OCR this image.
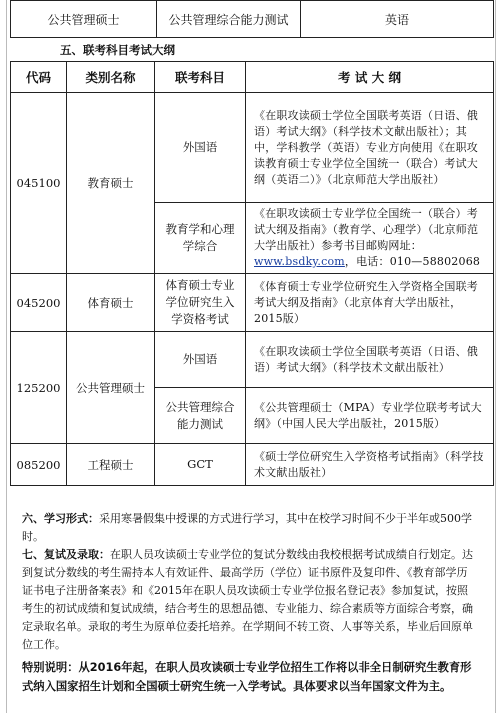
公共管理硕士	公共管理综合能力测试	英语
五、联考科目考试大纲
代码	类别名称	联考科目	考 试 大 纲
045100	教育硕士	外国语	《在职攻读硕士学位全国联考英语（日语、俄语）考试大纲》（科学技术文献出版社）；其中，学科教学（英语）专业方向使用《在职攻读教育硕士专业学位全国统一（联合）考试大纲（英语二）》（北京师范大学出版社）
		教育学和心理学综合	《在职攻读硕士专业学位全国统一（联合）考试大纲及指南》（教育学、心理学）（北京师范大学出版社）参考书目邮购网址：www.bsdky.com，电话：010—58802068
045200	体育硕士	体育硕士专业学位研究生入学资格考试	《体育硕士专业学位研究生入学资格全国联考考试大纲及指南》（北京体育大学出版社，2015版）
125200	公共管理硕士	外国语	《在职攻读硕士学位全国联考英语（日语、俄语）考试大纲》（科学技术文献出版社）
		公共管理综合能力测试	《公共管理硕士（MPA）专业学位联考考试大纲》（中国人民大学出版社，2015版）
085200	工程硕士	GCT	《硕士学位研究生入学资格考试指南》（科学技术文献出版社）
六、学习形式：采用寒暑假集中授课的方式进行学习，其中在校学习时间不少于半年或500学时。
七、复试及录取：在职人员攻读硕士专业学位的复试分数线由我校根据考试成绩自行划定。达到复试分数线的考生需持本人有效证件、最高学历（学位）证书原件及复印件、《教育部学历证书电子注册备案表》和《2015年在职人员攻读硕士专业学位报名登记表》参加复试，按照考生的初试成绩和复试成绩，结合考生的思想品德、专业能力、综合素质等方面综合考察，确定录取名单。录取的考生为原单位委托培养。在学期间不转工资、人事等关系，毕业后回原单位工作。
特别说明：从2016年起，在职人员攻读硕士专业学位招生工作将以非全日制研究生教育形式纳入国家招生计划和全国硕士研究生统一入学考试。具体要求以当年国家文件为主。
